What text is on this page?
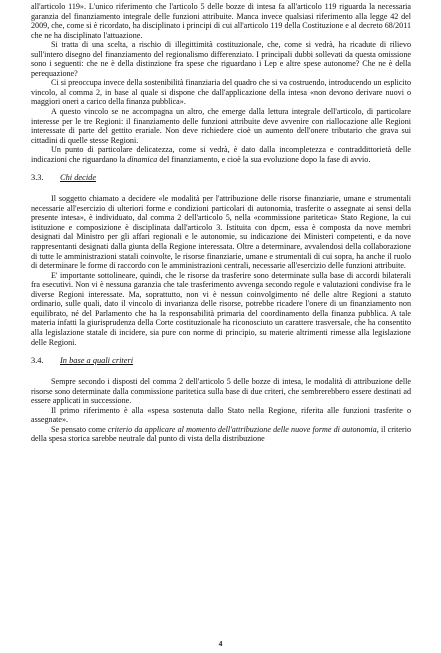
all'articolo 119». L'unico riferimento che l'articolo 5 delle bozze di intesa fa all'articolo 119 riguarda la necessaria garanzia del finanziamento integrale delle funzioni attribuite. Manca invece qualsiasi riferimento alla legge 42 del 2009, che, come si è ricordato, ha disciplinato i principi di cui all'articolo 119 della Costituzione e al decreto 68/2011 che ne ha disciplinato l'attuazione.

Si tratta di una scelta, a rischio di illegittimità costituzionale, che, come si vedrà, ha ricadute di rilievo sull'intero disegno del finanziamento del regionalismo differenziato. I principali dubbi sollevati da questa omissione sono i seguenti: che ne è della distinzione fra spese che riguardano i Lep e altre spese autonome? Che ne è della perequazione?

Ci si preoccupa invece della sostenibilità finanziaria del quadro che si va costruendo, introducendo un esplicito vincolo, al comma 2, in base al quale si dispone che dall'applicazione della intesa «non devono derivare nuovi o maggiori oneri a carico della finanza pubblica».

A questo vincolo se ne accompagna un altro, che emerge dalla lettura integrale dell'articolo, di particolare interesse per le tre Regioni: il finanziamento delle funzioni attribuite deve avvenire con riallocazione alle Regioni interessate di parte del gettito erariale. Non deve richiedere cioè un aumento dell'onere tributario che grava sui cittadini di quelle stesse Regioni.

Un punto di particolare delicatezza, come si vedrà, è dato dalla incompletezza e contraddittorietà delle indicazioni che riguardano la dinamica del finanziamento, e cioè la sua evoluzione dopo la fase di avvio.

3.3.	Chi decide

Il soggetto chiamato a decidere «le modalità per l'attribuzione delle risorse finanziarie, umane e strumentali necessarie all'esercizio di ulteriori forme e condizioni particolari di autonomia, trasferite o assegnate ai sensi della presente intesa», è individuato, dal comma 2 dell'articolo 5, nella «commissione paritetica» Stato Regione, la cui istituzione e composizione è disciplinata dall'articolo 3. Istituita con dpcm, essa è composta da nove membri designati dal Ministro per gli affari regionali e le autonomie, su indicazione dei Ministeri competenti, e da nove rappresentanti designati dalla giunta della Regione interessata. Oltre a determinare, avvalendosi della collaborazione di tutte le amministrazioni statali coinvolte, le risorse finanziarie, umane e strumentali di cui sopra, ha anche il ruolo di determinare le forme di raccordo con le amministrazioni centrali, necessarie all'esercizio delle funzioni attribuite.

E' importante sottolineare, quindi, che le risorse da trasferire sono determinate sulla base di accordi bilaterali fra esecutivi. Non vi è nessuna garanzia che tale trasferimento avvenga secondo regole e valutazioni condivise fra le diverse Regioni interessate. Ma, soprattutto, non vi è nessun coinvolgimento né delle altre Regioni a statuto ordinario, sulle quali, dato il vincolo di invarianza delle risorse, potrebbe ricadere l'onere di un finanziamento non equilibrato, né del Parlamento che ha la responsabilità primaria del coordinamento della finanza pubblica. A tale materia infatti la giurisprudenza della Corte costituzionale ha riconosciuto un carattere trasversale, che ha consentito alla legislazione statale di incidere, sia pure con norme di principio, su materie altrimenti rimesse alla legislazione delle Regioni.

3.4.	In base a quali criteri

Sempre secondo i disposti del comma 2 dell'articolo 5 delle bozze di intesa, le modalità di attribuzione delle risorse sono determinate dalla commissione paritetica sulla base di due criteri, che sembrerebbero essere destinati ad essere applicati in successione.

Il primo riferimento è alla «spesa sostenuta dallo Stato nella Regione, riferita alle funzioni trasferite o assegnate».

Se pensato come criterio da applicare al momento dell'attribuzione delle nuove forme di autonomia, il criterio della spesa storica sarebbe neutrale dal punto di vista della distribuzione

4
